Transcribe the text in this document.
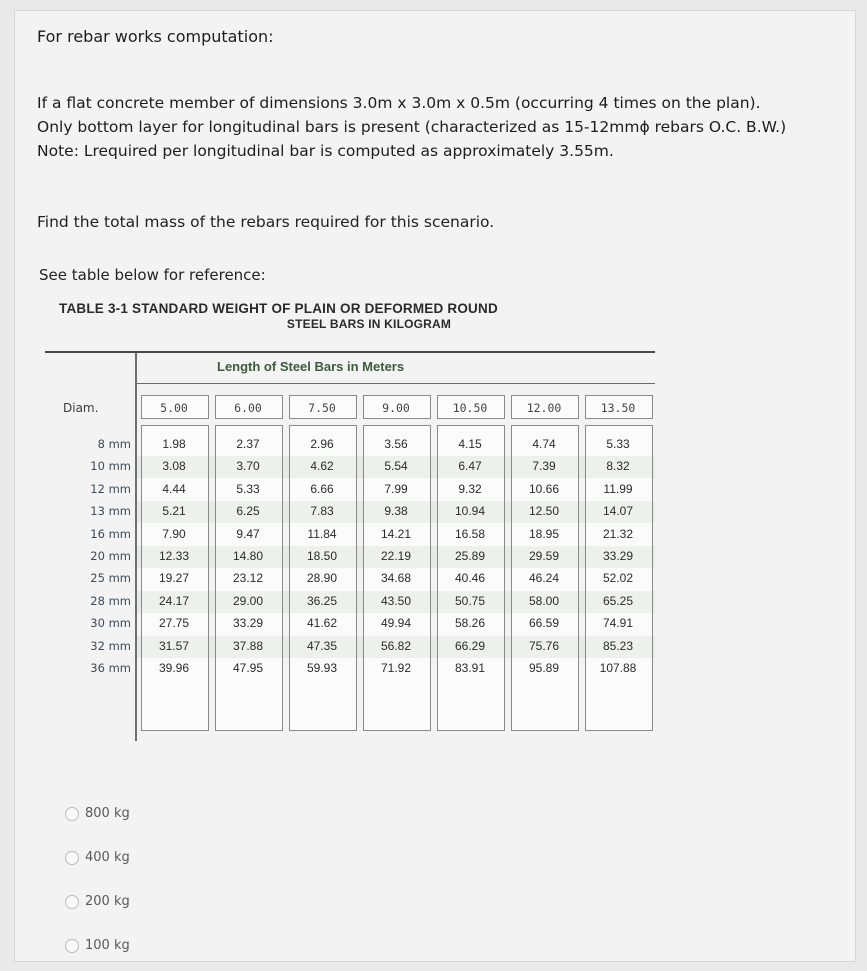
For rebar works computation:
If a flat concrete member of dimensions 3.0m x 3.0m x 0.5m (occurring 4 times on the plan).
Only bottom layer for longitudinal bars is present (characterized as 15-12mmϕ rebars O.C. B.W.)
Note: Lrequired per longitudinal bar is computed as approximately 3.55m.
Find the total mass of the rebars required for this scenario.
See table below for reference:
TABLE 3-1 STANDARD WEIGHT OF PLAIN OR DEFORMED ROUND
STEEL BARS IN KILOGRAM
Length of Steel Bars in Meters
Diam.	5.00	6.00	7.50	9.00	10.50	12.00	13.50
8 mm	1.98	2.37	2.96	3.56	4.15	4.74	5.33
10 mm	3.08	3.70	4.62	5.54	6.47	7.39	8.32
12 mm	4.44	5.33	6.66	7.99	9.32	10.66	11.99
13 mm	5.21	6.25	7.83	9.38	10.94	12.50	14.07
16 mm	7.90	9.47	11.84	14.21	16.58	18.95	21.32
20 mm	12.33	14.80	18.50	22.19	25.89	29.59	33.29
25 mm	19.27	23.12	28.90	34.68	40.46	46.24	52.02
28 mm	24.17	29.00	36.25	43.50	50.75	58.00	65.25
30 mm	27.75	33.29	41.62	49.94	58.26	66.59	74.91
32 mm	31.57	37.88	47.35	56.82	66.29	75.76	85.23
36 mm	39.96	47.95	59.93	71.92	83.91	95.89	107.88
800 kg
400 kg
200 kg
100 kg
